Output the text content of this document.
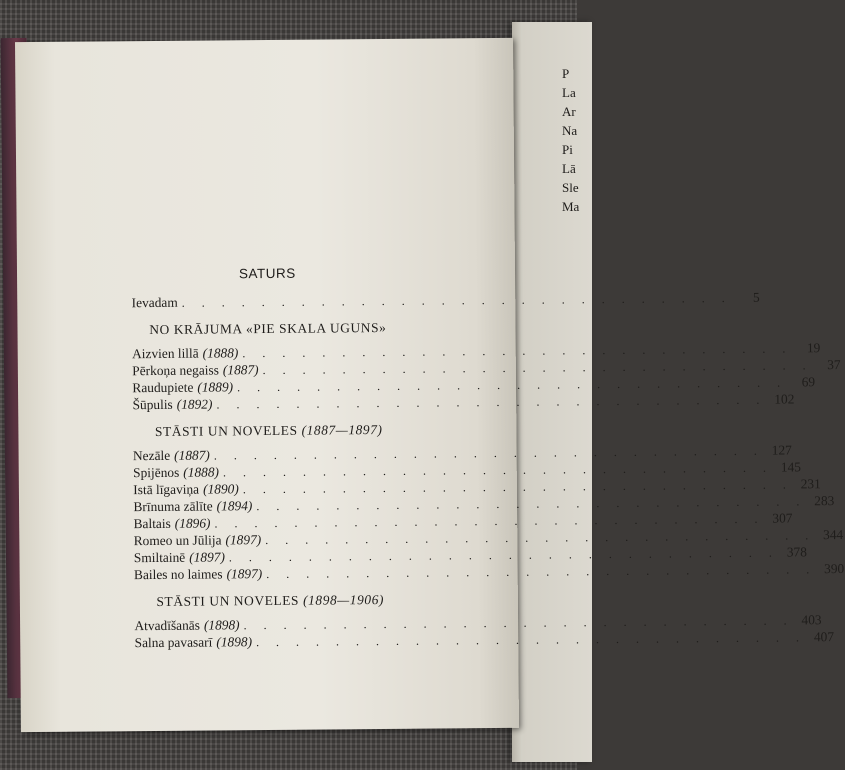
P
La
Ar
Na
Pi
Lā
Sle
Ma
SATURS
Ievadam . . .	5
NO KRĀJUMA «PIE SKALA UGUNS»
Aizvien lillā (1888) . . .	19
Pērkoņa negaiss (1887) . . .	37
Raudupiete (1889) . . .	69
Šūpulis (1892) . . .	102
STĀSTI UN NOVELES (1887—1897)
Nezāle (1887) . . .	127
Spijēnos (1888) . . .	145
Istā līgaviņa (1890) . . .	231
Brīnuma zālīte (1894) . . .	283
Baltais (1896) . . .	307
Romeo un Jūlija (1897) . . .	344
Smiltainē (1897) . . .	378
Bailes no laimes (1897) . . .	390
STĀSTI UN NOVELES (1898—1906)
Atvadīšanās (1898) . . .	403
Salna pavasarī (1898) . . .	407
